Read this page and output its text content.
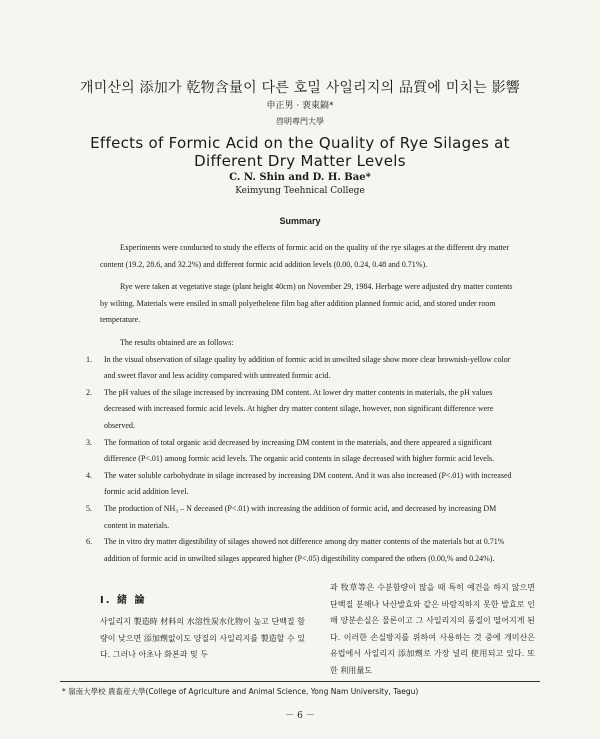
개미산의 添加가 乾物含量이 다른 호밀 사일리지의 品質에 미치는 影響
申正男 · 裵東鎬*
啓明專門大學
Effects of Formic Acid on the Quality of Rye Silages at Different Dry Matter Levels
C. N. Shin and D. H. Bae*
Keimyung Teehnical College
Summary

Experiments were conducted to study the effects of formic acid on the quality of the rye silages at the different dry matter content (19.2, 28.6, and 32.2%) and different formic acid addition levels (0.00, 0.24, 0.48 and 0.71%).

Rye were taken at vegetative stage (plant height 40cm) on November 29, 1984. Herbage were adjusted dry matter contents by wilting. Materials were ensiled in small polyethelene film bag after addition planned formic acid, and stored under room temperature.

The results obtained are as follows:

1.	In the visual observation of silage quality by addition of formic acid in unwilted silage show more clear brownish-yellow color and sweet flavor and less acidity compared with untreated formic acid.
2.	The pH values of the silage increased by increasing DM content. At lower dry matter contents in materials, the pH values decreased with increased formic acid levels. At higher dry matter content silage, however, non significant difference were observed.
3.	The formation of total organic acid decreased by increasing DM content in the materials, and there appeared a significant difference (P<.01) among formic acid levels. The organic acid contents in silage decreased with higher formic acid levels.
4.	The water soluble carbohydrate in silage increased by increasing DM content. And it was also increased (P<.01) with increased formic acid addition level.
5.	The production of NH₃ – N deceased (P<.01) with increasing the addition of formic acid, and decreased by increasing DM content in materials.
6.	The in vitro dry matter digestibility of silages showed not difference among dry matter contents of the materials but at 0.71% addition of formic acid in unwilted silages appeared higher (P<.05) digestibility compared the others (0.00,% and 0.24%).
I. 緒 論

사일리지 製造時 材料의 水溶性炭水化物이 높고 단백질 함량이 낮으면 添加劑없이도 양질의 사일리지를 製造할 수 있다. 그러나 아초나 화본과 및 두

과 牧草等은 수분함량이 많을 때 특히 예건을 하지 않으면 단백질 분해나 낙산발효와 같은 바람직하지 못한 발효로 인해 양분손실은 물론이고 그 사일리지의 품질이 떨어지게 된다. 이러한 손실방지를 위하여 사용하는 것 중에 개미산은 유럽에서 사일리지 添加劑로 가장 널리 使用되고 있다. 또한 利用量도

* 嶺南大學校 農畜産大學(College of Agriculture and Animal Science, Yong Nam University, Taegu)
－ 6 －
